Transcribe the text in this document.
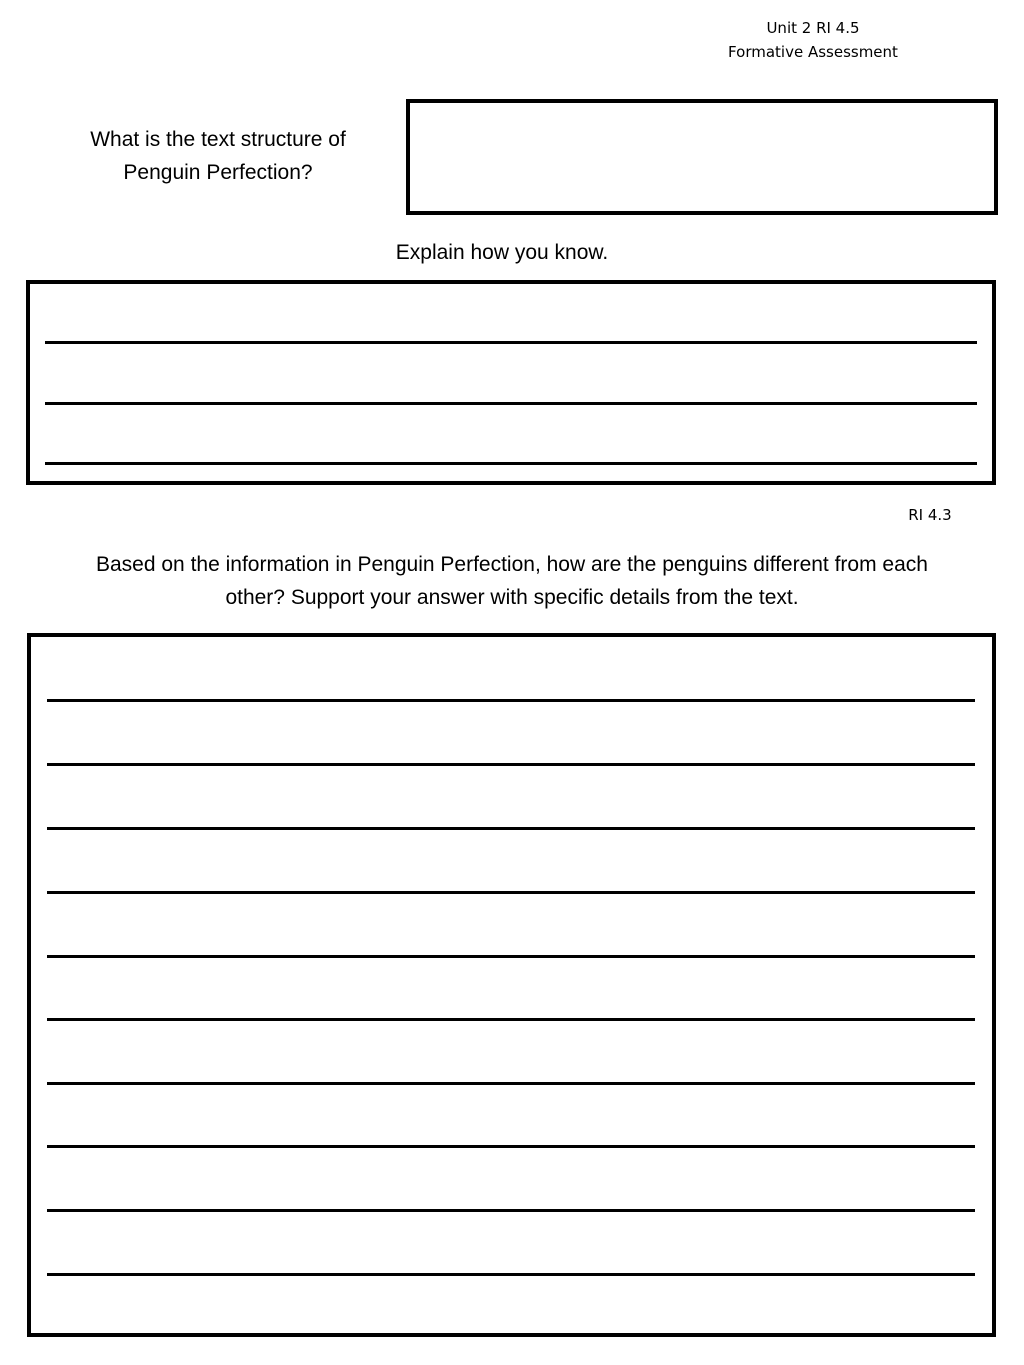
Unit 2 RI 4.5
Formative Assessment
What is the text structure of
Penguin Perfection?
Explain how you know.
RI 4.3
Based on the information in Penguin Perfection, how are the penguins different from each
other? Support your answer with specific details from the text.
